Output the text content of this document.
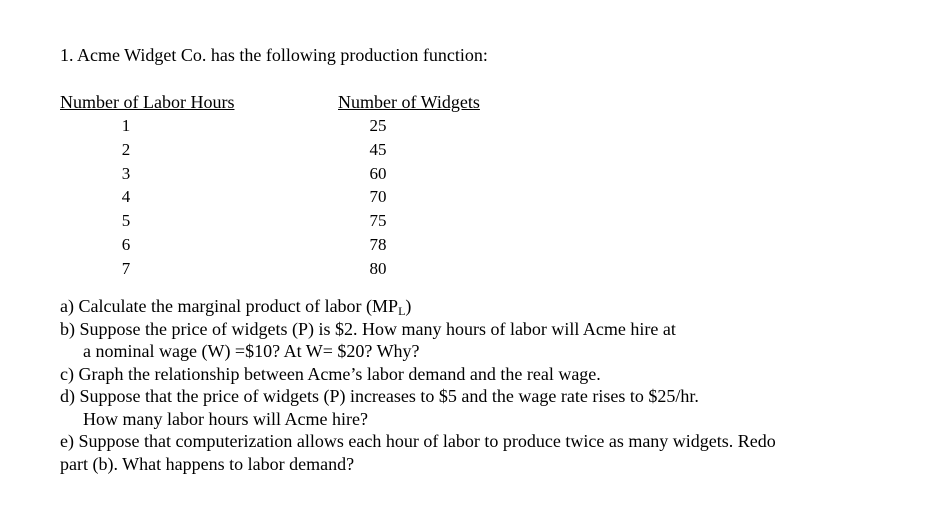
1. Acme Widget Co. has the following production function:
Number of Labor Hours	Number of Widgets
1
2
3
4
5
6
7
25
45
60
70
75
78
80
a) Calculate the marginal product of labor $(MP_L)$
b) Suppose the price of widgets (P) is $2. How many hours of labor will Acme hire at
a nominal wage (W) =$10? At W= $20? Why?
c) Graph the relationship between Acme’s labor demand and the real wage.
d) Suppose that the price of widgets (P) increases to $5 and the wage rate rises to $25/hr.
How many labor hours will Acme hire?
e) Suppose that computerization allows each hour of labor to produce twice as many widgets. Redo
part (b). What happens to labor demand?
